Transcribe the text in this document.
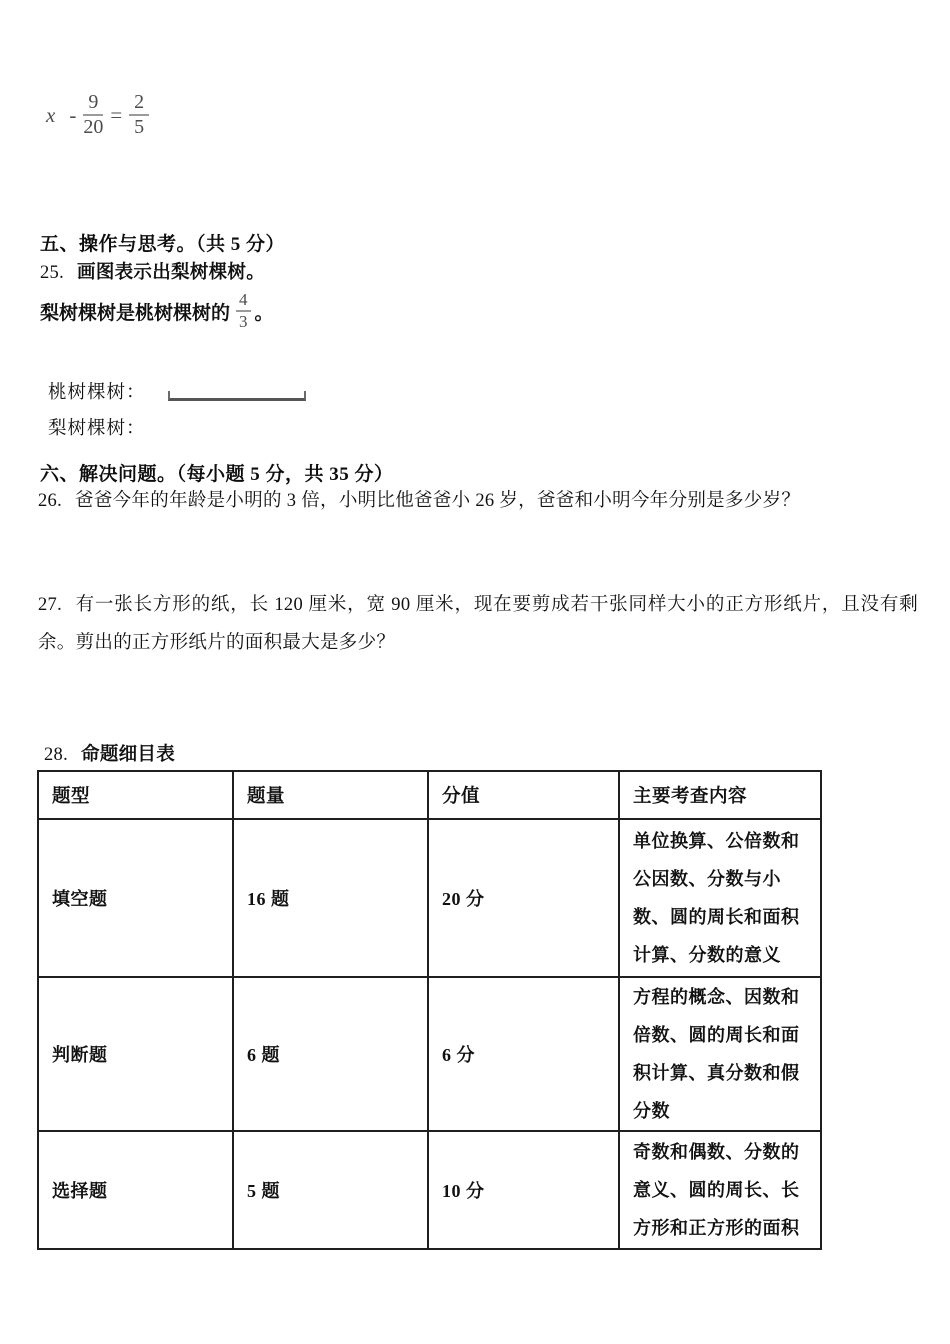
$x - \frac{9}{20} = \frac{2}{5}$
五、操作与思考。（共 5 分）
25. 画图表示出梨树棵树。
梨树棵树是桃树棵树的 $\frac{4}{3}$ 。
桃树棵树：
梨树棵树：
六、解决问题。（每小题 5 分，共 35 分）
26. 爸爸今年的年龄是小明的 3 倍，小明比他爸爸小 26 岁，爸爸和小明今年分别是多少岁？
27. 有一张长方形的纸，长 120 厘米，宽 90 厘米，现在要剪成若干张同样大小的正方形纸片，且没有剩余。剪出的正方形纸片的面积最大是多少？
28. 命题细目表
题型	题量	分值	主要考查内容
填空题	16 题	20 分	单位换算、公倍数和公因数、分数与小数、圆的周长和面积计算、分数的意义
判断题	6 题	6 分	方程的概念、因数和倍数、圆的周长和面积计算、真分数和假分数
选择题	5 题	10 分	奇数和偶数、分数的意义、圆的周长、长方形和正方形的面积
